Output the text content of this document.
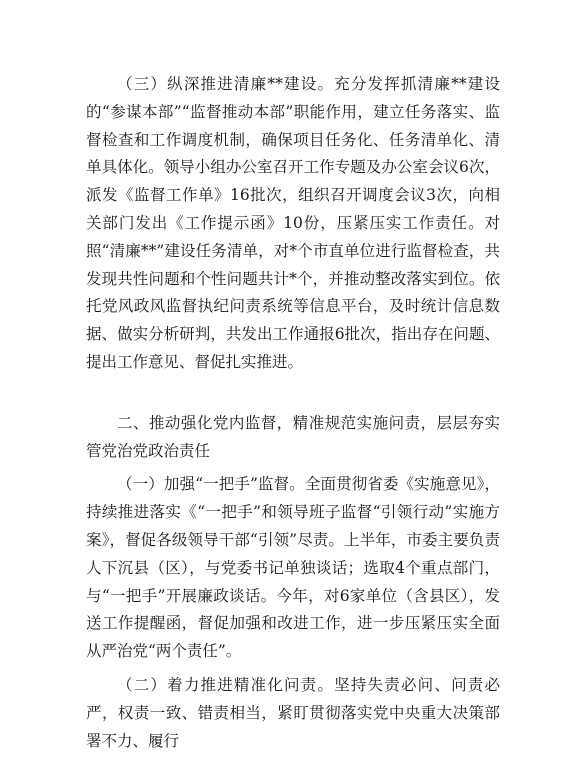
（三）纵深推进清廉**建设。充分发挥抓清廉**建设的“参谋本部”“监督推动本部”职能作用，建立任务落实、监督检查和工作调度机制，确保项目任务化、任务清单化、清单具体化。领导小组办公室召开工作专题及办公室会议6次，派发《监督工作单》16批次，组织召开调度会议3次，向相关部门发出《工作提示函》10份，压紧压实工作责任。对照“清廉**”建设任务清单，对*个市直单位进行监督检查，共发现共性问题和个性问题共计*个，并推动整改落实到位。依托党风政风监督执纪问责系统等信息平台，及时统计信息数据、做实分析研判，共发出工作通报6批次，指出存在问题、提出工作意见、督促扎实推进。

二、推动强化党内监督，精准规范实施问责，层层夯实管党治党政治责任

（一）加强“一把手”监督。全面贯彻省委《实施意见》，持续推进落实《“一把手”和领导班子监督“引领行动”实施方案》，督促各级领导干部“引领”尽责。上半年，市委主要负责人下沉县（区），与党委书记单独谈话；选取4个重点部门，与“一把手”开展廉政谈话。今年，对6家单位（含县区），发送工作提醒函，督促加强和改进工作，进一步压紧压实全面从严治党“两个责任”。

（二）着力推进精准化问责。坚持失责必问、问责必严，权责一致、错责相当，紧盯贯彻落实党中央重大决策部署不力、履行
